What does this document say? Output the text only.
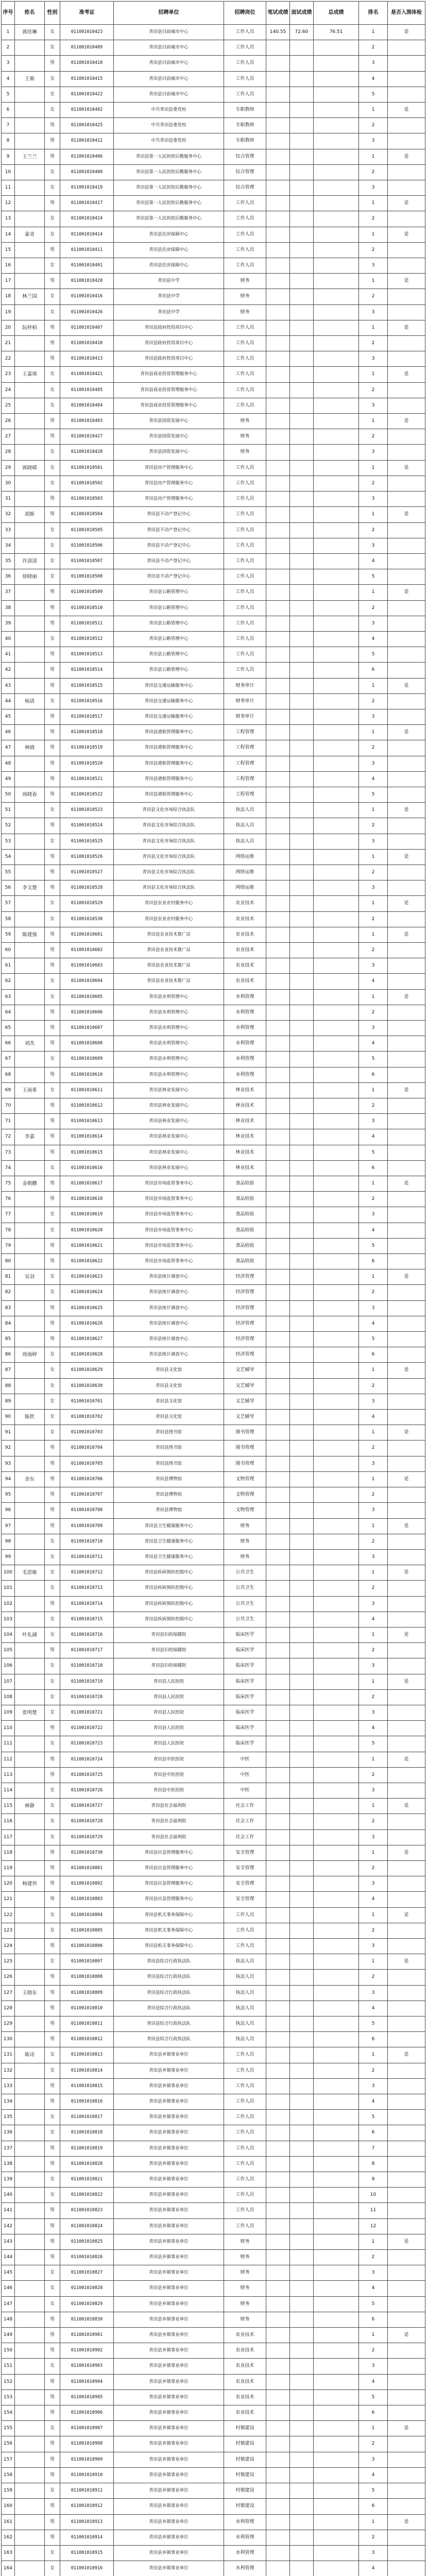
序号	姓名	性别	准考证	招聘单位	招聘岗位	笔试成绩	面试成绩	总成绩	排名	是否入围体检
1	郭佳琳	女	011001010423	青田县目前城市中心	工作人员	140.55	72.60	76.51	1	是
2		女	011001010409	青田县目前城市中心	工作人员				2	
3		男	011001010418	青田县目前城市中心	工作人员				3	
4	王斯	女	011001010415	青田县目前城市中心	工作人员				4	
5		女	011001010422	青田县目前城市中心	工作人员				5	
6		女	011001010402	中共青田县委党校	专职教师				1	是
7		男	011001010425	中共青田县委党校	专职教师				2	
8		男	011001010412	中共青田县委党校	专职教师				3	
9	王兰兰	男	011001010406	青田县第一人民医院后勤服务中心	综合管理				1	是
10		女	011001010408	青田县第一人民医院后勤服务中心	综合管理				2	
11		女	011001010419	青田县第一人民医院后勤服务中心	综合管理				3	
12		男	011001010417	青田县第一人民医院后勤服务中心	工作人员				1	是
13		女	011001010424	青田县第一人民医院后勤服务中心	工作人员				2	
14	蒙青	女	011001010414	青田县住房保障中心	工作人员				1	是
15		男	011001010411	青田县住房保障中心	工作人员				2	
16		女	011001010401	青田县住房保障中心	工作人员				3	
17		男	011001010420	青田县中学	财务				1	是
18	林兰国	女	011001010416	青田县中学	财务				2	
19		女	011001010426	青田县中学	财务				3	
20	阮梓柏	男	011001010407	青田县政府投资项目中心	工作人员				1	是
21		男	011001010410	青田县政府投资项目中心	工作人员				2	
22		男	011001010413	青田县政府投资项目中心	工作人员				3	
23	王嘉琪	女	011001010421	青田县商业投资管理服务中心	工作人员				1	是
24		女	011001010405	青田县商业投资管理服务中心	工作人员				2	
25		女	011001010404	青田县商业投资管理服务中心	工作人员				3	
26		男	011001010403	青田县国资发展中心	财务				1	是
27		男	011001010427	青田县国资发展中心	财务				2	
28		女	011001010428	青田县国资发展中心	财务				3	
29	郭晓晴	女	011001010501	青田县房产管理服务中心	工作人员				1	是
30		女	011001010502	青田县房产管理服务中心	工作人员				2	
31		男	011001010503	青田县房产管理服务中心	工作人员				3	
32	胡斯	男	011001010504	青田县不动产登记中心	工作人员				1	是
33		女	011001010505	青田县不动产登记中心	工作人员				2	
34		女	011001010506	青田县不动产登记中心	工作人员				3	
35	许清清	女	011001010507	青田县不动产登记中心	工作人员				4	
36	徐晓丽	女	011001010508	青田县不动产登记中心	工作人员				5	
37		男	011001010509	青田县公路管理中心	工作人员				1	是
38		男	011001010510	青田县公路管理中心	工作人员				2	
39		男	011001010511	青田县公路管理中心	工作人员				3	
40		女	011001010512	青田县公路管理中心	工作人员				4	
41		男	011001010513	青田县公路管理中心	工作人员				5	
42		男	011001010514	青田县公路管理中心	工作人员				6	
43		男	011001010515	青田县交通运输服务中心	财务审计				1	是
44	杨清	女	011001010516	青田县交通运输服务中心	财务审计				2	
45		男	011001010517	青田县交通运输服务中心	财务审计				3	
46		男	011001010518	青田县港航管理服务中心	工程管理				1	是
47	林晓	男	011001010519	青田县港航管理服务中心	工程管理				2	
48		男	011001010520	青田县港航管理服务中心	工程管理				3	
49		男	011001010521	青田县港航管理服务中心	工程管理				4	
50	周晓春	男	011001010522	青田县港航管理服务中心	工程管理				5	
51		女	011001010523	青田县文化市场综合执法队	执法人员				1	是
52		男	011001010524	青田县文化市场综合执法队	执法人员				2	
53		女	011001010525	青田县文化市场综合执法队	执法人员				3	
54		男	011001010526	青田县文化市场综合执法队	网络运维				1	是
55		男	011001010527	青田县文化市场综合执法队	网络运维				2	
56	李文楚	男	011001010528	青田县文化市场综合执法队	网络运维				3	
57		女	011001010529	青田县农业农村服务中心	农业技术				1	是
58		女	011001010530	青田县农业农村服务中心	农业技术				2	
59	陈建强	男	011001010601	青田县农业技术推广站	农业技术				1	是
60		男	011001010602	青田县农业技术推广站	农业技术				2	
61		男	011001010603	青田县农业技术推广站	农业技术				3	
62		女	011001010604	青田县农业技术推广站	农业技术				4	
63		女	011001010605	青田县水利管理中心	水利管理				1	是
64		男	011001010606	青田县水利管理中心	水利管理				2	
65		男	011001010607	青田县水利管理中心	水利管理				3	
66	刘杰	男	011001010608	青田县水利管理中心	水利管理				4	
67		女	011001010609	青田县水利管理中心	水利管理				5	
68		男	011001010610	青田县水利管理中心	水利管理				6	
69	王雨希	女	011001010611	青田县林业发展中心	林业技术				1	是
70		男	011001010612	青田县林业发展中心	林业技术				2	
71		男	011001010613	青田县林业发展中心	林业技术				3	
72	李嘉	男	011001010614	青田县林业发展中心	林业技术				4	
73		男	011001010615	青田县林业发展中心	林业技术				5	
74		女	011001010616	青田县林业发展中心	林业技术				6	
75	金朝鹏	男	011001010617	青田县市场监管事务中心	食品检验				1	是
76		男	011001010618	青田县市场监管事务中心	食品检验				2	
77		女	011001010619	青田县市场监管事务中心	食品检验				3	
78		女	011001010620	青田县市场监管事务中心	食品检验				4	
79		男	011001010621	青田县市场监管事务中心	食品检验				5	
80		男	011001010622	青田县市场监管事务中心	食品检验				6	
81	吴羽	女	011001010623	青田县统计调查中心	经济管理				1	是
82		女	011001010624	青田县统计调查中心	经济管理				2	
83		男	011001010625	青田县统计调查中心	经济管理				3	
84		男	011001010626	青田县统计调查中心	经济管理				4	
85		男	011001010627	青田县统计调查中心	经济管理				5	
86	周雨婷	女	011001010628	青田县统计调查中心	经济管理				6	
87		女	011001010629	青田县文化馆	文艺辅导				1	是
88		女	011001010630	青田县文化馆	文艺辅导				2	
89		女	011001010701	青田县文化馆	文艺辅导				3	
90	陈欣	女	011001010702	青田县文化馆	文艺辅导				4	
91		女	011001010703	青田县图书馆	图书管理				1	是
92		男	011001010704	青田县图书馆	图书管理				2	
93		男	011001010705	青田县图书馆	图书管理				3	
94	余东	男	011001010706	青田县博物馆	文物管理				1	是
95		男	011001010707	青田县博物馆	文物管理				2	
96		男	011001010708	青田县博物馆	文物管理				3	
97		男	011001010709	青田县卫生健康服务中心	财务				1	是
98		女	011001010710	青田县卫生健康服务中心	财务				2	
99		女	011001010711	青田县卫生健康服务中心	财务				3	
100	毛思敏	女	011001010712	青田县疾病预防控制中心	公共卫生				1	是
101		女	011001010713	青田县疾病预防控制中心	公共卫生				2	
102		男	011001010714	青田县疾病预防控制中心	公共卫生				3	
103		女	011001010715	青田县疾病预防控制中心	公共卫生				4	
104	叶礼涵	女	011001010716	青田县妇幼保健院	临床医学				1	是
105		男	011001010717	青田县妇幼保健院	临床医学				2	
106		女	011001010718	青田县妇幼保健院	临床医学				3	
107		女	011001010719	青田县人民医院	临床医学				1	是
108		女	011001010720	青田县人民医院	临床医学				2	
109	张明楚	女	011001010721	青田县人民医院	临床医学				3	
110		男	011001010722	青田县人民医院	临床医学				4	
111		女	011001010723	青田县人民医院	临床医学				5	
112		男	011001010724	青田县中医医院	中医				1	是
113		男	011001010725	青田县中医医院	中医				2	
114		女	011001010726	青田县中医医院	中医				3	
115	林静	女	011001010727	青田县社会福利院	社会工作				1	是
116		女	011001010728	青田县社会福利院	社会工作				2	
117		女	011001010729	青田县社会福利院	社会工作				3	
118		男	011001010730	青田县应急管理服务中心	安全管理				1	是
119		男	011001010801	青田县应急管理服务中心	安全管理				2	
120	杨建伟	男	011001010802	青田县应急管理服务中心	安全管理				3	
121		男	011001010803	青田县应急管理服务中心	安全管理				4	
122		女	011001010804	青田县机关事务保障中心	工作人员				1	是
123		女	011001010805	青田县机关事务保障中心	工作人员				2	
124		男	011001010806	青田县机关事务保障中心	工作人员				3	
125		女	011001010807	青田县综合行政执法队	执法人员				1	是
126		男	011001010808	青田县综合行政执法队	执法人员				2	
127	王晓东	男	011001010809	青田县综合行政执法队	执法人员				3	
128		男	011001010810	青田县综合行政执法队	执法人员				4	
129		男	011001010811	青田县综合行政执法队	执法人员				5	
130		男	011001010812	青田县综合行政执法队	执法人员				6	
131	陈诗	女	011001010813	青田县乡镇事业单位	工作人员				1	是
132		女	011001010814	青田县乡镇事业单位	工作人员				2	
133		男	011001010815	青田县乡镇事业单位	工作人员				3	
134		男	011001010816	青田县乡镇事业单位	工作人员				4	
135		女	011001010817	青田县乡镇事业单位	工作人员				5	
136		女	011001010818	青田县乡镇事业单位	工作人员				6	
137		男	011001010819	青田县乡镇事业单位	工作人员				7	
138		男	011001010820	青田县乡镇事业单位	工作人员				8	
139		女	011001010821	青田县乡镇事业单位	工作人员				9	
140		女	011001010822	青田县乡镇事业单位	工作人员				10	
141		男	011001010823	青田县乡镇事业单位	工作人员				11	
142		男	011001010824	青田县乡镇事业单位	工作人员				12	
143		男	011001010825	青田县乡镇事业单位	财务				1	是
144		男	011001010826	青田县乡镇事业单位	财务				2	
145		女	011001010827	青田县乡镇事业单位	财务				3	
146		女	011001010828	青田县乡镇事业单位	财务				4	
147		女	011001010829	青田县乡镇事业单位	财务				5	
148		男	011001010830	青田县乡镇事业单位	财务				6	
149		男	011001010901	青田县乡镇事业单位	农业技术				1	是
150		男	011001010902	青田县乡镇事业单位	农业技术				2	
151		女	011001010903	青田县乡镇事业单位	农业技术				3	
152		男	011001010904	青田县乡镇事业单位	农业技术				4	
153		男	011001010905	青田县乡镇事业单位	农业技术				5	
154		男	011001010906	青田县乡镇事业单位	农业技术				6	
155		女	011001010907	青田县乡镇事业单位	村镇建设				1	是
156		男	011001010908	青田县乡镇事业单位	村镇建设				2	
157		男	011001010909	青田县乡镇事业单位	村镇建设				3	
158		男	011001010910	青田县乡镇事业单位	村镇建设				4	
159		女	011001010911	青田县乡镇事业单位	村镇建设				5	
160		男	011001010912	青田县乡镇事业单位	村镇建设				6	
161		男	011001010913	青田县乡镇事业单位	水利管理				1	是
162		男	011001010914	青田县乡镇事业单位	水利管理				2	
163		女	011001010915	青田县乡镇事业单位	水利管理				3	
164		女	011001010916	青田县乡镇事业单位	水利管理				4	
